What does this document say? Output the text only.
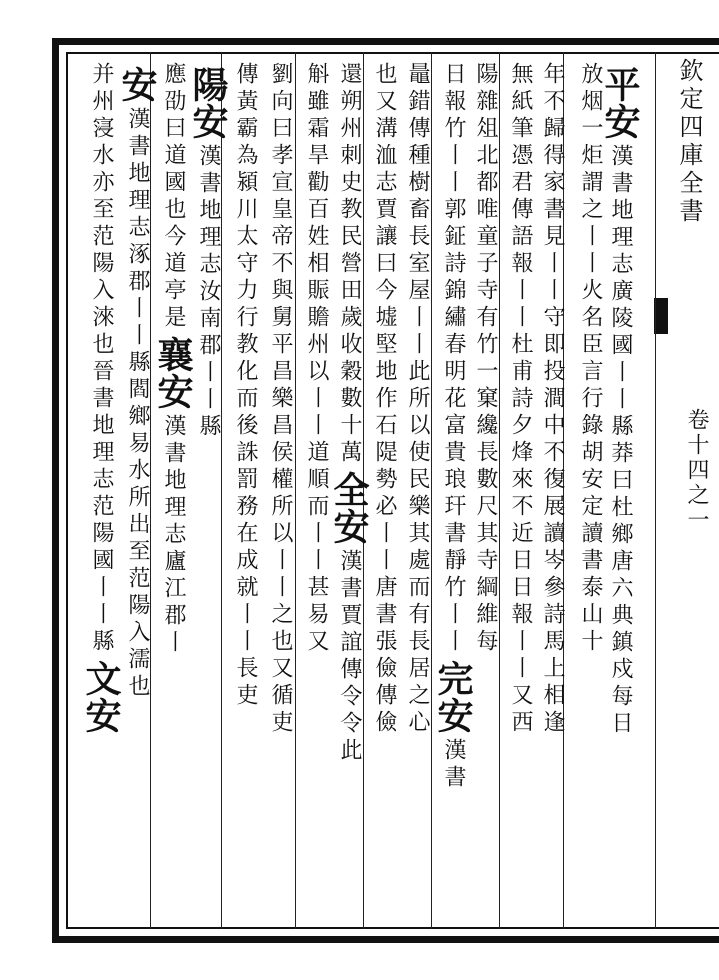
欽定四庫全書
卷十四之一
平安漢書地理志廣陵國丨丨縣莽曰杜鄉唐六典鎮戍每日
放烟一炬謂之丨丨火名臣言行錄胡安定讀書泰山十
年不歸得家書見丨丨守即投澗中不復展讀岑參詩馬上相逢
無紙筆憑君傳語報丨丨杜甫詩夕烽來不近日日報丨丨又西
陽雜俎北都唯童子寺有竹一窠纔長數尺其寺綱維每
日報竹丨丨郭鉦詩錦繡春明花富貴琅玕書靜竹丨丨完安漢書
鼂錯傳種樹畜長室屋丨丨此所以使民樂其處而有長居之心
也又溝洫志賈讓曰今墟堅地作石隄勢必丨丨唐書張儉傳儉
還朔州刺史教民營田歲收穀數十萬全安漢書賈誼傳令令此
斛雖霜旱勸百姓相賑贍州以丨丨道順而丨丨甚易又
劉向曰孝宣皇帝不與舅平昌樂昌侯權所以丨丨之也又循吏
傳黃霸為潁川太守力行教化而後誅罰務在成就丨丨長吏
陽安漢書地理志汝南郡丨丨縣
應劭曰道國也今道亭是襄安漢書地理志廬江郡丨
安漢書地理志涿郡丨丨縣閻鄉易水所出至范陽入濡也
并州寖水亦至范陽入淶也晉書地理志范陽國丨丨縣文安
